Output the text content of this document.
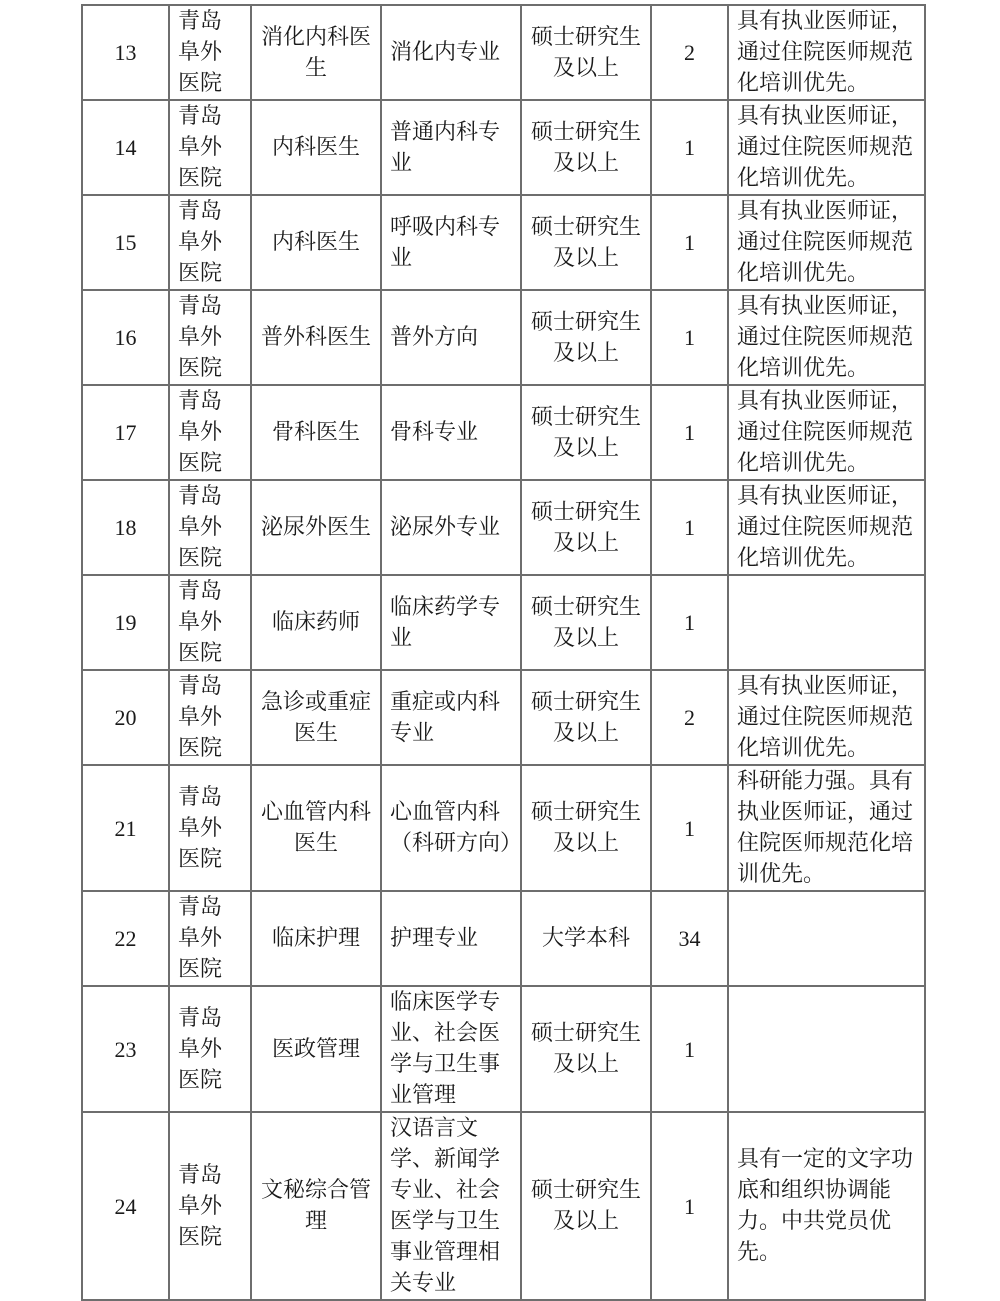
13	青岛阜外医院	消化内科医生	消化内专业	硕士研究生及以上	2	具有执业医师证，通过住院医师规范化培训优先。
14	青岛阜外医院	内科医生	普通内科专业	硕士研究生及以上	1	具有执业医师证，通过住院医师规范化培训优先。
15	青岛阜外医院	内科医生	呼吸内科专业	硕士研究生及以上	1	具有执业医师证，通过住院医师规范化培训优先。
16	青岛阜外医院	普外科医生	普外方向	硕士研究生及以上	1	具有执业医师证，通过住院医师规范化培训优先。
17	青岛阜外医院	骨科医生	骨科专业	硕士研究生及以上	1	具有执业医师证，通过住院医师规范化培训优先。
18	青岛阜外医院	泌尿外医生	泌尿外专业	硕士研究生及以上	1	具有执业医师证，通过住院医师规范化培训优先。
19	青岛阜外医院	临床药师	临床药学专业	硕士研究生及以上	1	
20	青岛阜外医院	急诊或重症医生	重症或内科专业	硕士研究生及以上	2	具有执业医师证，通过住院医师规范化培训优先。
21	青岛阜外医院	心血管内科医生	心血管内科（科研方向）	硕士研究生及以上	1	科研能力强。具有执业医师证，通过住院医师规范化培训优先。
22	青岛阜外医院	临床护理	护理专业	大学本科	34	
23	青岛阜外医院	医政管理	临床医学专业、社会医学与卫生事业管理	硕士研究生及以上	1	
24	青岛阜外医院	文秘综合管理	汉语言文学、新闻学专业、社会医学与卫生事业管理相关专业	硕士研究生及以上	1	具有一定的文字功底和组织协调能力。中共党员优先。
